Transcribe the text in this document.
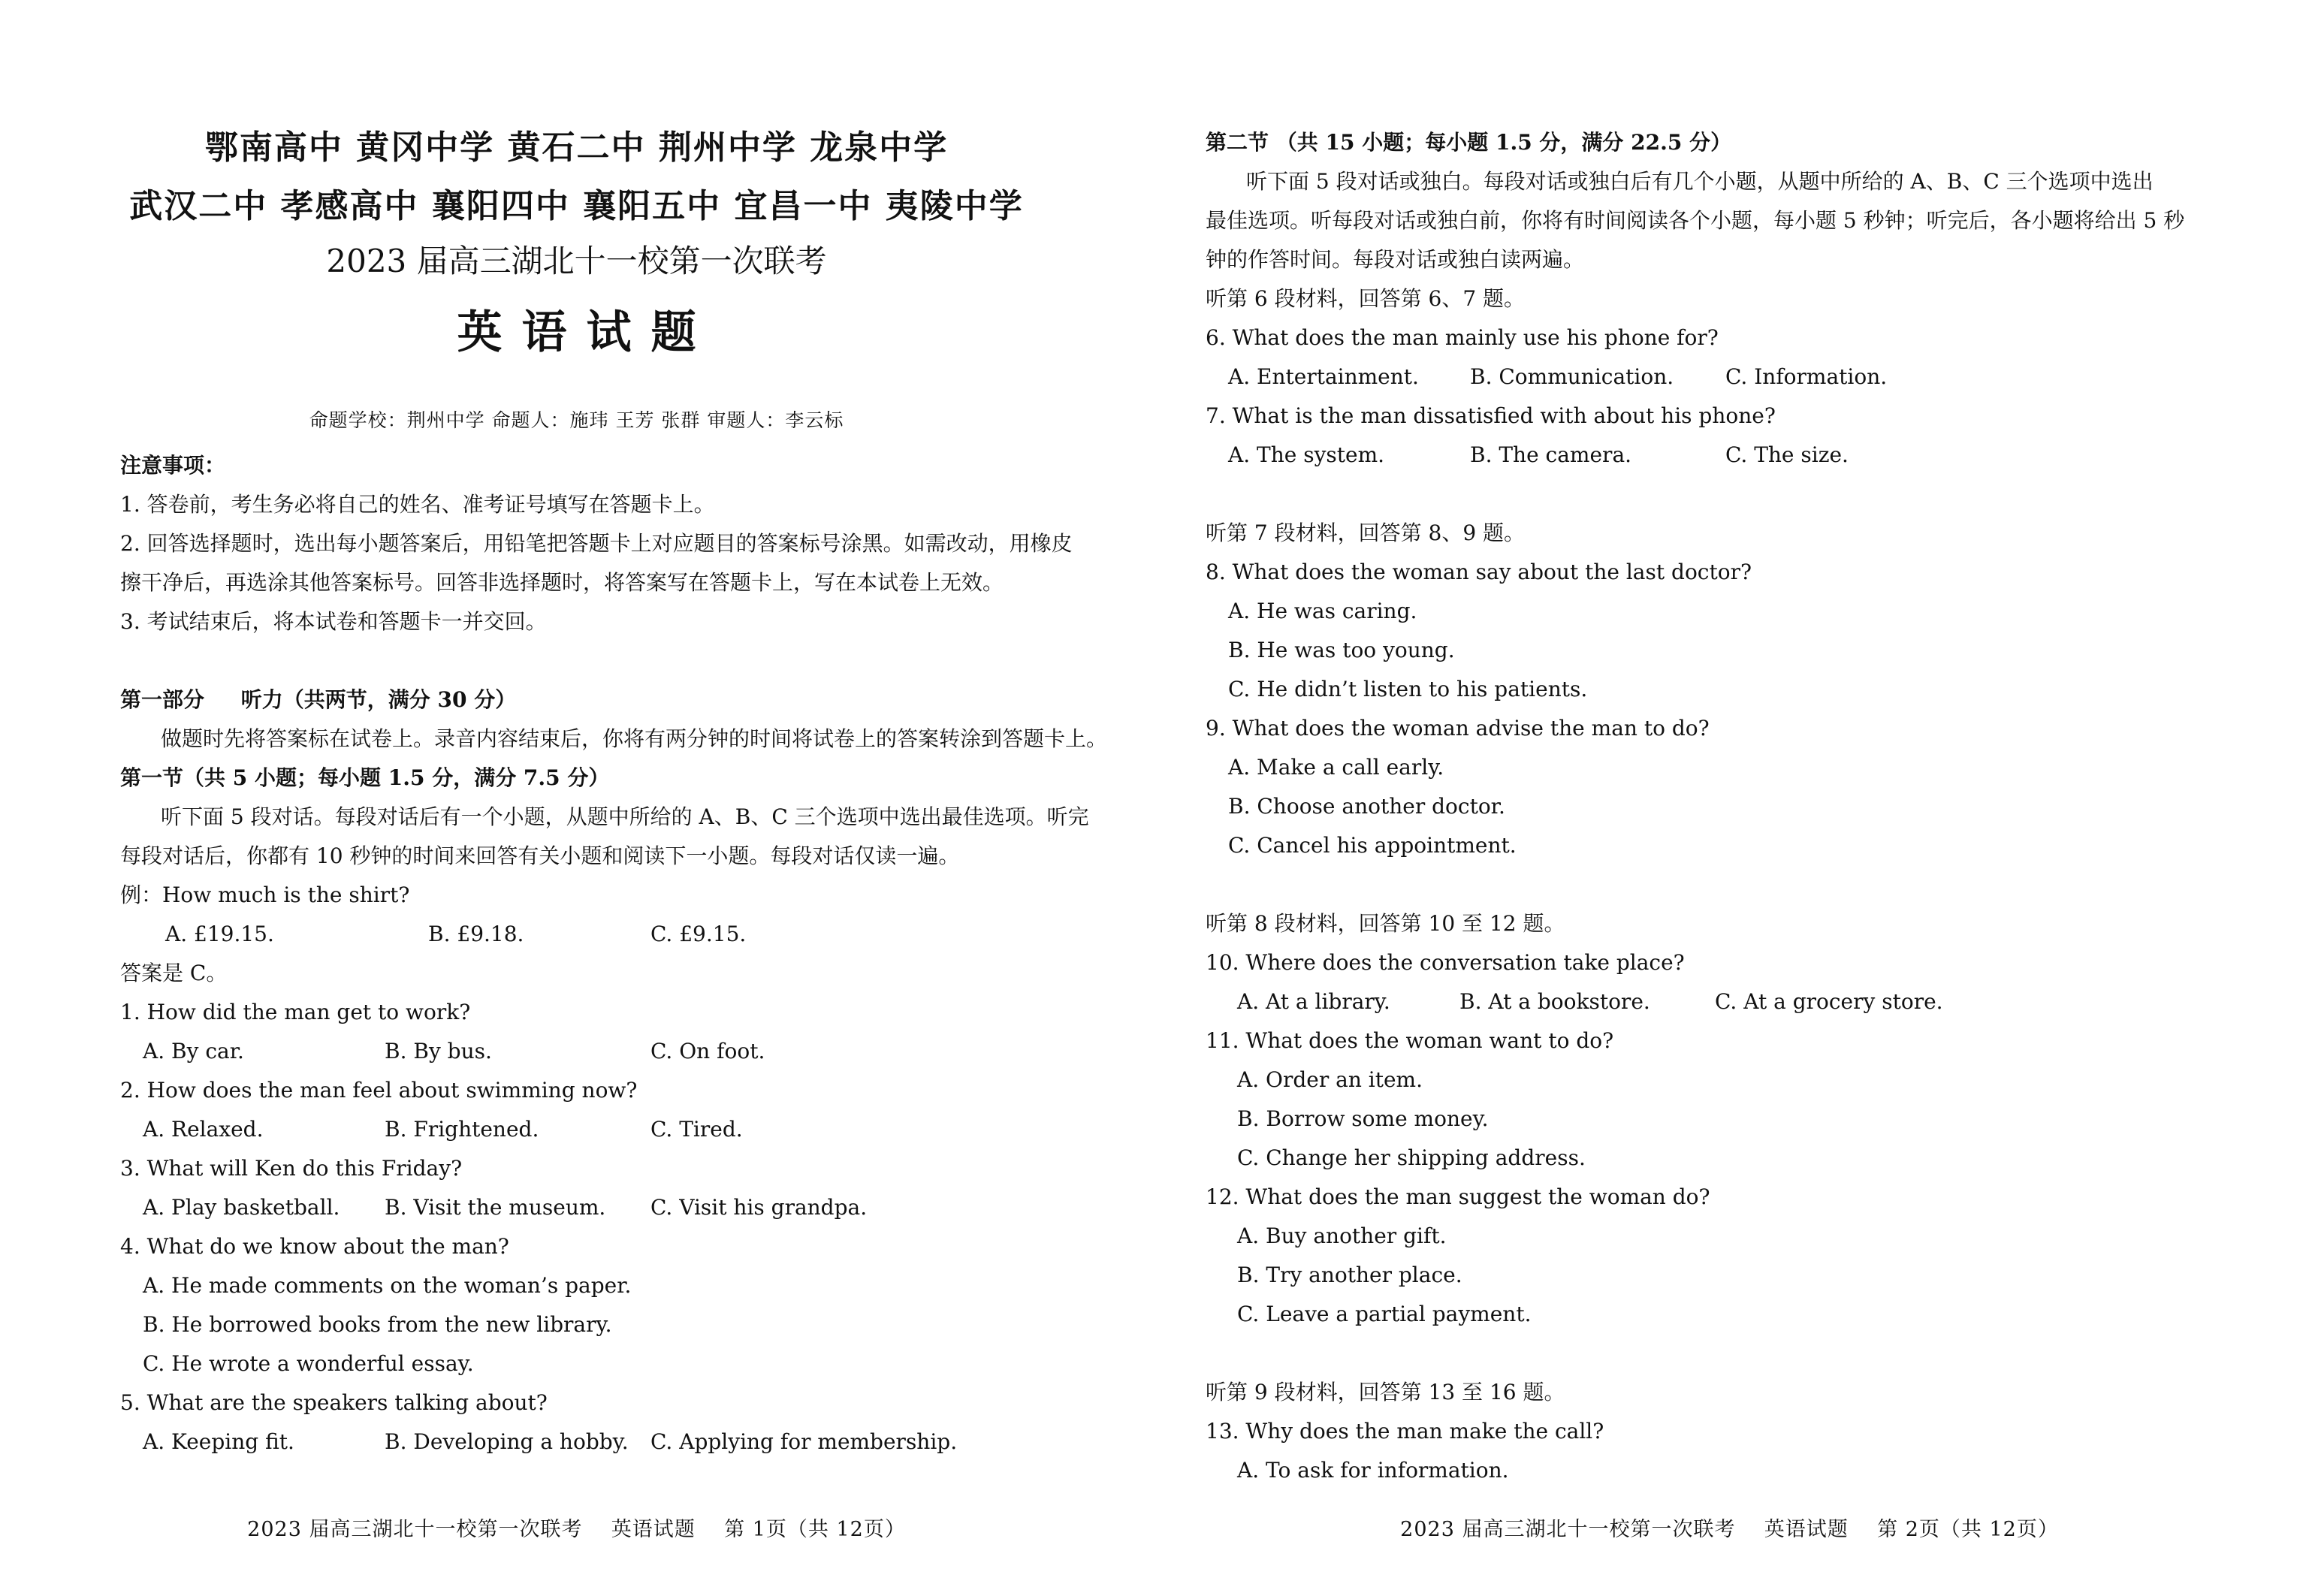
鄂南高中 黄冈中学 黄石二中 荆州中学 龙泉中学
武汉二中 孝感高中 襄阳四中 襄阳五中 宜昌一中 夷陵中学
2023 届高三湖北十一校第一次联考
英语试题
命题学校：荆州中学 命题人：施玮 王芳 张群 审题人：李云标
注意事项：
1. 答卷前，考生务必将自己的姓名、准考证号填写在答题卡上。
2. 回答选择题时，选出每小题答案后，用铅笔把答题卡上对应题目的答案标号涂黑。如需改动，用橡皮
擦干净后，再选涂其他答案标号。回答非选择题时，将答案写在答题卡上，写在本试卷上无效。
3. 考试结束后，将本试卷和答题卡一并交回。
第一部分     听力（共两节，满分 30 分）
做题时先将答案标在试卷上。录音内容结束后，你将有两分钟的时间将试卷上的答案转涂到答题卡上。
第一节（共 5 小题；每小题 1.5 分，满分 7.5 分）
听下面 5 段对话。每段对话后有一个小题，从题中所给的 A、B、C 三个选项中选出最佳选项。听完
每段对话后，你都有 10 秒钟的时间来回答有关小题和阅读下一小题。每段对话仅读一遍。
例：How much is the shirt?
A. £19.15.	B. £9.18.	C. £9.15.
答案是 C。
1. How did the man get to work?
A. By car.	B. By bus.	C. On foot.
2. How does the man feel about swimming now?
A. Relaxed.	B. Frightened.	C. Tired.
3. What will Ken do this Friday?
A. Play basketball. B. Visit the museum. C. Visit his grandpa.
4. What do we know about the man?
A. He made comments on the woman’s paper.
B. He borrowed books from the new library.
C. He wrote a wonderful essay.
5. What are the speakers talking about?
A. Keeping fit.	B. Developing a hobby. C. Applying for membership.
2023 届高三湖北十一校第一次联考    英语试题    第 1页（共 12页）
第二节 （共 15 小题；每小题 1.5 分，满分 22.5 分）
听下面 5 段对话或独白。每段对话或独白后有几个小题，从题中所给的 A、B、C 三个选项中选出
最佳选项。听每段对话或独白前，你将有时间阅读各个小题，每小题 5 秒钟；听完后，各小题将给出 5 秒
钟的作答时间。每段对话或独白读两遍。
听第 6 段材料，回答第 6、7 题。
6. What does the man mainly use his phone for?
A. Entertainment. B. Communication. C. Information.
7. What is the man dissatisfied with about his phone?
A. The system.	B. The camera.	C. The size.
听第 7 段材料，回答第 8、9 题。
8. What does the woman say about the last doctor?
A. He was caring.
B. He was too young.
C. He didn’t listen to his patients.
9. What does the woman advise the man to do?
A. Make a call early.
B. Choose another doctor.
C. Cancel his appointment.
听第 8 段材料，回答第 10 至 12 题。
10. Where does the conversation take place?
A. At a library.	B. At a bookstore.	C. At a grocery store.
11. What does the woman want to do?
A. Order an item.
B. Borrow some money.
C. Change her shipping address.
12. What does the man suggest the woman do?
A. Buy another gift.
B. Try another place.
C. Leave a partial payment.
听第 9 段材料，回答第 13 至 16 题。
13. Why does the man make the call?
A. To ask for information.
2023 届高三湖北十一校第一次联考    英语试题    第 2页（共 12页）
